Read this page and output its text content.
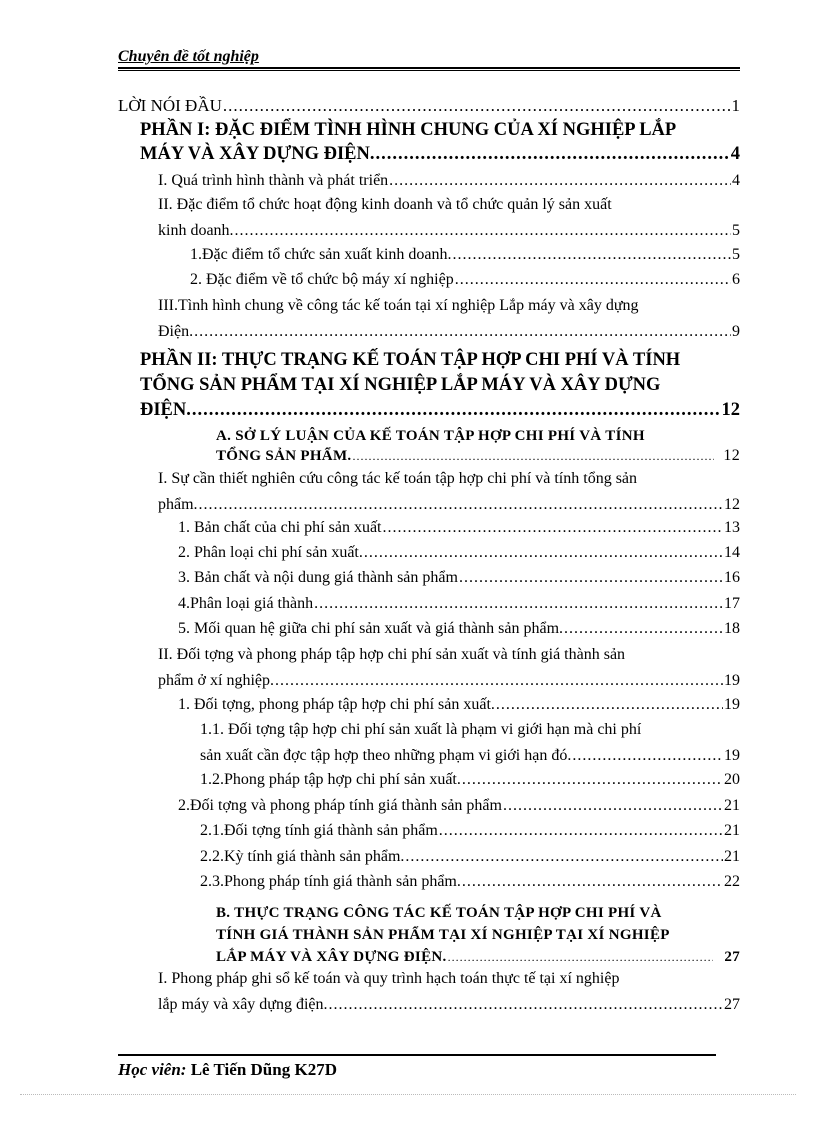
Chuyên đề tốt nghiệp
LỜI NÓI ĐẦU .....	1
PHẦN I: ĐẶC ĐIỂM TÌNH HÌNH CHUNG CỦA XÍ NGHIỆP LẮP
MÁY VÀ XÂY DỰNG ĐIỆN. .....	4
I. Quá trình hình thành và phát triển .....	4
II. Đặc điểm tổ chức hoạt động kinh doanh và tổ chức quản lý sản xuất
kinh doanh. .....	5
1.Đặc điểm tổ chức sản xuất kinh doanh. .....	5
2. Đặc điểm về tổ chức bộ máy xí nghiệp .....	6
III.Tình hình chung về công tác kế toán tại xí nghiệp Lắp máy và xây dựng
Điện. .....	9
PHẦN II: THỰC TRẠNG KẾ TOÁN TẬP HỢP CHI PHÍ VÀ TÍNH
TỔNG SẢN PHẨM TẠI XÍ NGHIỆP LẮP MÁY VÀ XÂY DỰNG
ĐIỆN. .....	12
A. SỞ LÝ LUẬN CỦA KẾ TOÁN TẬP HỢP CHI PHÍ VÀ TÍNH
TỔNG SẢN PHẨM. .....	12
I. Sự cần thiết nghiên cứu công tác kế toán tập hợp chi phí và tính tổng sản
phẩm. .....	12
1. Bản chất của chi phí sản xuất .....	13
2. Phân loại chi phí sản xuất. .....	14
3. Bản chất và nội dung giá thành sản phẩm .....	16
4.Phân loại giá thành .....	17
5. Mối quan hệ giữa chi phí sản xuất và giá thành sản phẩm. .....	18
II. Đối tợng và phong pháp tập hợp chi phí sản xuất và tính giá thành sản
phẩm ở xí nghiệp. .....	19
1. Đối tợng, phong pháp tập hợp chi phí sản xuất. .....	19
1.1. Đối tợng tập hợp chi phí sản xuất là phạm vi giới hạn mà chi phí
sản xuất cần đợc tập hợp theo những phạm vi giới hạn đó. .....	19
1.2.Phong pháp tập hợp chi phí sản xuất. .....	20
2.Đối tợng và phong pháp tính giá thành sản phẩm .....	21
2.1.Đối tợng tính giá thành sản phẩm .....	21
2.2.Kỳ tính giá thành sản phẩm. .....	21
2.3.Phong pháp tính giá thành sản phẩm. .....	22
B. THỰC TRẠNG CÔNG TÁC KẾ TOÁN TẬP HỢP CHI PHÍ VÀ
TÍNH GIÁ THÀNH SẢN PHẨM TẠI XÍ NGHIỆP TẠI XÍ NGHIỆP
LẮP MÁY VÀ XÂY DỰNG ĐIỆN. .....	27
I. Phong pháp ghi sổ kế toán và quy trình hạch toán thực tế tại xí nghiệp
lắp máy và xây dựng điện. .....	27
Học viên: Lê Tiến Dũng K27D
